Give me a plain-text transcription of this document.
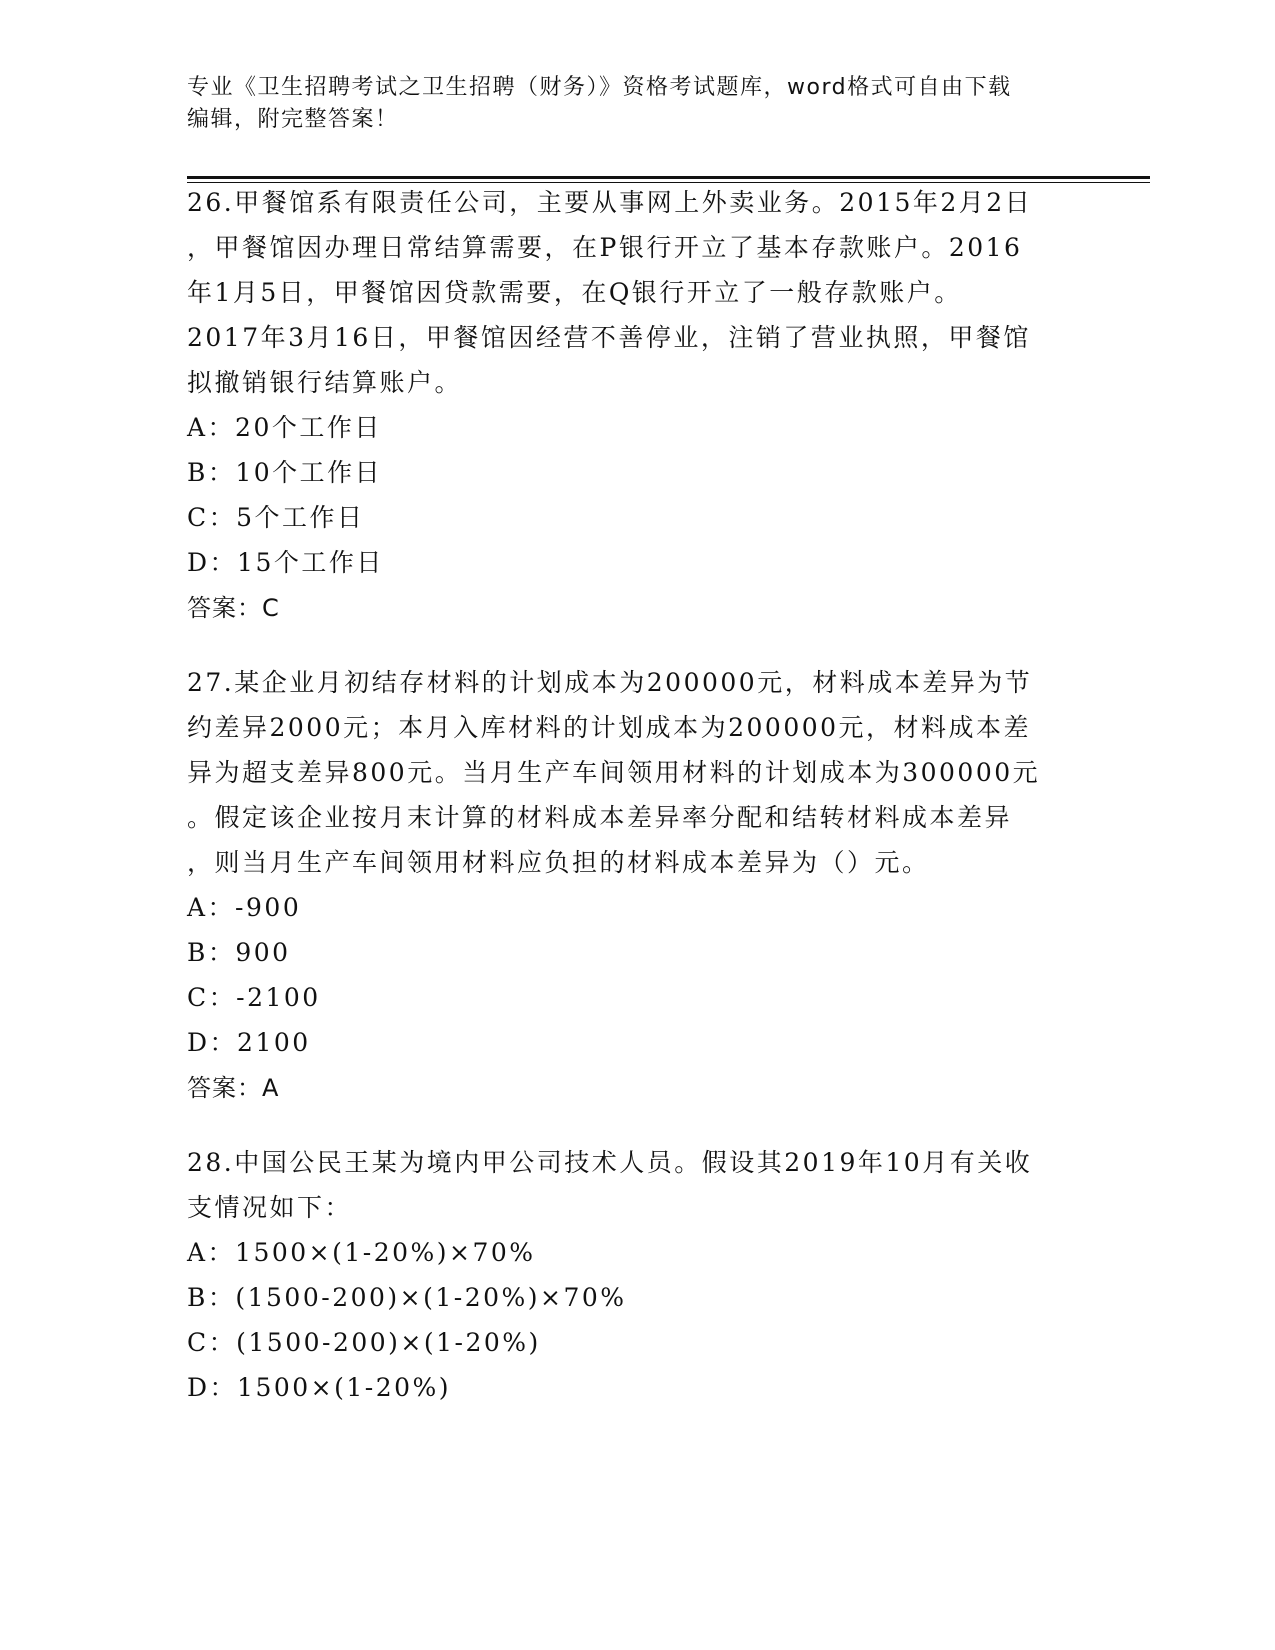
专业《卫生招聘考试之卫生招聘（财务）》资格考试题库，word格式可自由下载
编辑，附完整答案！

26.甲餐馆系有限责任公司，主要从事网上外卖业务。2015年2月2日

，甲餐馆因办理日常结算需要，在P银行开立了基本存款账户。2016

年1月5日，甲餐馆因贷款需要，在Q银行开立了一般存款账户。

2017年3月16日，甲餐馆因经营不善停业，注销了营业执照，甲餐馆

拟撤销银行结算账户。

A：20个工作日

B：10个工作日

C：5个工作日

D：15个工作日

答案：C

27.某企业月初结存材料的计划成本为200000元，材料成本差异为节

约差异2000元；本月入库材料的计划成本为200000元，材料成本差

异为超支差异800元。当月生产车间领用材料的计划成本为300000元

。假定该企业按月末计算的材料成本差异率分配和结转材料成本差异

，则当月生产车间领用材料应负担的材料成本差异为（）元。

A：-900

B：900

C：-2100

D：2100

答案：A

28.中国公民王某为境内甲公司技术人员。假设其2019年10月有关收

支情况如下：

A：1500×(1-20%)×70%

B：(1500-200)×(1-20%)×70%

C：(1500-200)×(1-20%)

D：1500×(1-20%)
